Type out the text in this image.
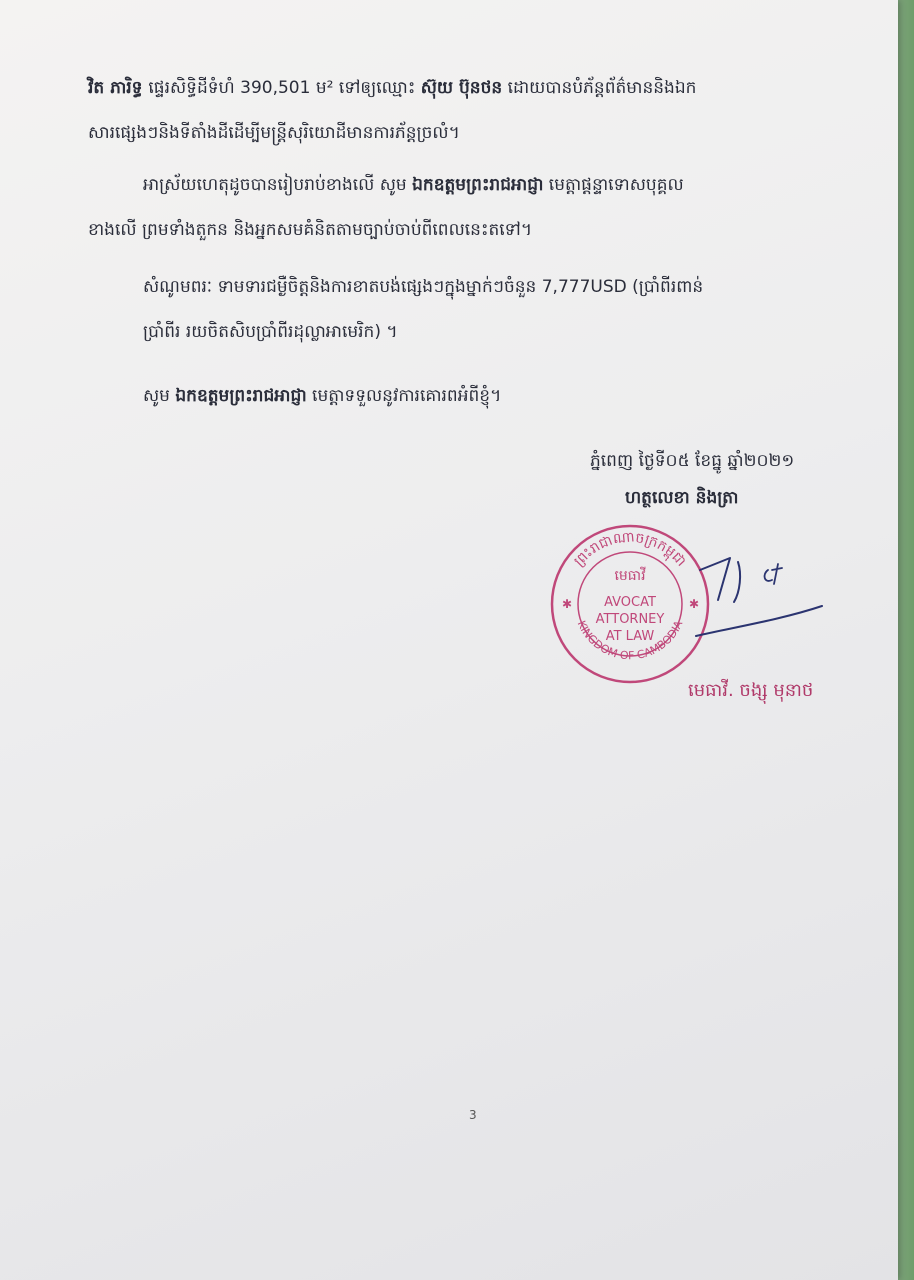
វិត ភារិទ្ធ ផ្ទេរសិទ្ធិដីទំហំ 390,501 ម² ទៅឲ្យឈ្មោះ ស៊ុយ ប៊ុនថន ដោយបានបំភ័ន្តព័ត៌មាននិងឯក
សារផ្សេងៗនិងទីតាំងដីដើម្បីមន្ត្រីសុរិយោដីមានការភ័ន្តច្រលំ។
អាស្រ័យហេតុដូចបានរៀបរាប់ខាងលើ សូម ឯកឧត្តមព្រះរាជអាជ្ញា មេត្តាផ្តន្ទាទោសបុគ្គល
ខាងលើ ព្រមទាំងតួកន និងអ្នកសមគំនិតតាមច្បាប់ចាប់ពីពេលនេះតទៅ។
សំណូមពរៈ ទាមទារជម្ងឺចិត្តនិងការខាតបង់ផ្សេងៗក្នុងម្នាក់ៗចំនួន 7,777USD (ប្រាំពីរពាន់
ប្រាំពីរ រយចិតសិបប្រាំពីរដុល្លាអាមេរិក) ។
សូម ឯកឧត្តមព្រះរាជអាជ្ញា មេត្តាទទួលនូវការគោរពអំពីខ្ញុំ។
ភ្នំពេញ ថ្ងៃទី០៥ ខែធ្នូ ឆ្នាំ២០២១
ហត្ថលេខា និងត្រា
ព្រះរាជាណាចក្រកម្ពុជា
KINGDOM OF CAMBODIA
មេធាវី
AVOCAT
ATTORNEY
AT LAW
✱	✱
មេធាវី. ចង្សុ មុនាថ
3
